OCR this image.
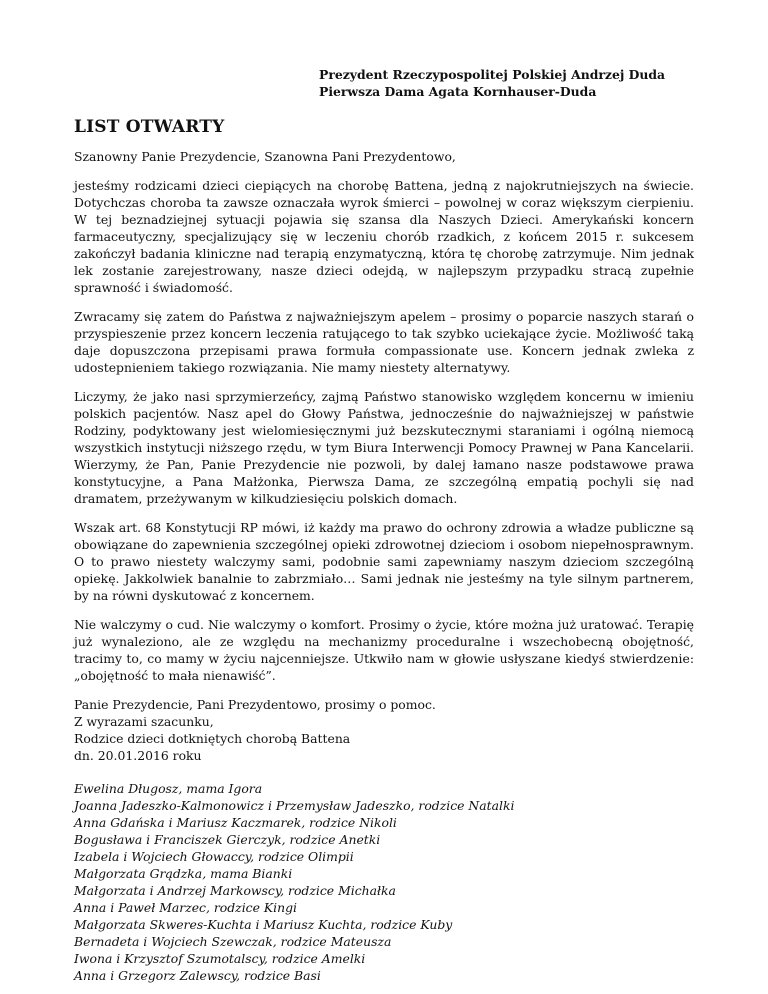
Prezydent Rzeczypospolitej Polskiej Andrzej Duda
Pierwsza Dama Agata Kornhauser-Duda
LIST OTWARTY
Szanowny Panie Prezydencie, Szanowna Pani Prezydentowo,

jesteśmy rodzicami dzieci ciepiących na chorobę Battena, jedną z najokrutniejszych na świecie. Dotychczas choroba ta zawsze oznaczała wyrok śmierci – powolnej w coraz większym cierpieniu. W tej beznadziejnej sytuacji pojawia się szansa dla Naszych Dzieci. Amerykański koncern farmaceutyczny, specjalizujący się w leczeniu chorób rzadkich, z końcem 2015 r. sukcesem zakończył badania kliniczne nad terapią enzymatyczną, która tę chorobę zatrzymuje. Nim jednak lek zostanie zarejestrowany, nasze dzieci odejdą, w najlepszym przypadku stracą zupełnie sprawność i świadomość.

Zwracamy się zatem do Państwa z najważniejszym apelem – prosimy o poparcie naszych starań o przyspieszenie przez koncern leczenia ratującego to tak szybko uciekające życie. Możliwość taką daje dopuszczona przepisami prawa formuła compassionate use. Koncern jednak zwleka z udostepnieniem takiego rozwiązania. Nie mamy niestety alternatywy.

Liczymy, że jako nasi sprzymierzeńcy, zajmą Państwo stanowisko względem koncernu w imieniu polskich pacjentów. Nasz apel do Głowy Państwa, jednocześnie do najważniejszej w państwie Rodziny, podyktowany jest wielomiesięcznymi już bezskutecznymi staraniami i ogólną niemocą wszystkich instytucji niższego rzędu, w tym Biura Interwencji Pomocy Prawnej w Pana Kancelarii. Wierzymy, że Pan, Panie Prezydencie nie pozwoli, by dalej łamano nasze podstawowe prawa konstytucyjne, a Pana Małżonka, Pierwsza Dama, ze szczególną empatią pochyli się nad dramatem, przeżywanym w kilkudziesięciu polskich domach.

Wszak art. 68 Konstytucji RP mówi, iż każdy ma prawo do ochrony zdrowia a władze publiczne są obowiązane do zapewnienia szczególnej opieki zdrowotnej dzieciom i osobom niepełnosprawnym. O to prawo niestety walczymy sami, podobnie sami zapewniamy naszym dzieciom szczególną opiekę. Jakkolwiek banalnie to zabrzmiało… Sami jednak nie jesteśmy na tyle silnym partnerem, by na równi dyskutować z koncernem.

Nie walczymy o cud. Nie walczymy o komfort. Prosimy o życie, które można już uratować. Terapię już wynaleziono, ale ze względu na mechanizmy proceduralne i wszechobecną obojętność, tracimy to, co mamy w życiu najcenniejsze. Utkwiło nam w głowie usłyszane kiedyś stwierdzenie: „obojętność to mała nienawiść”.

Panie Prezydencie, Pani Prezydentowo, prosimy o pomoc.
Z wyrazami szacunku,
Rodzice dzieci dotkniętych chorobą Battena
dn. 20.01.2016 roku
Ewelina Długosz, mama Igora
Joanna Jadeszko-Kalmonowicz i Przemysław Jadeszko, rodzice Natalki
Anna Gdańska i Mariusz Kaczmarek, rodzice Nikoli
Bogusława i Franciszek Gierczyk, rodzice Anetki
Izabela i Wojciech Głowaccy, rodzice Olimpii
Małgorzata Grądzka, mama Bianki
Małgorzata i Andrzej Markowscy, rodzice Michałka
Anna i Paweł Marzec, rodzice Kingi
Małgorzata Skweres-Kuchta i Mariusz Kuchta, rodzice Kuby
Bernadeta i Wojciech Szewczak, rodzice Mateusza
Iwona i Krzysztof Szumotalscy, rodzice Amelki
Anna i Grzegorz Zalewscy, rodzice Basi
